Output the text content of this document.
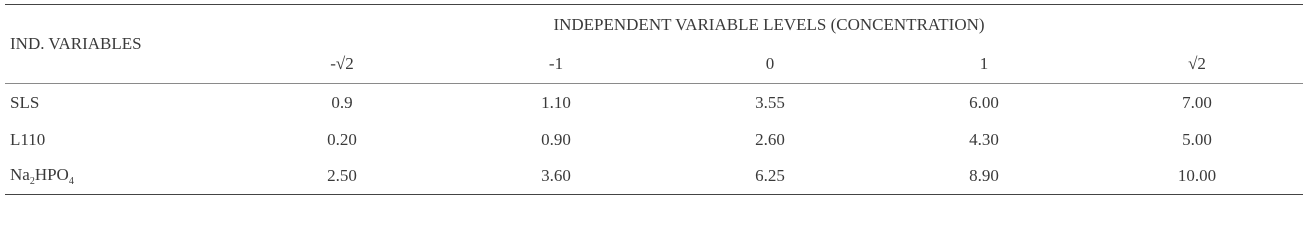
IND. VARIABLES	INDEPENDENT VARIABLE LEVELS (CONCENTRATION)				
	-√2	-1	0	1	√2
SLS	0.9	1.10	3.55	6.00	7.00
L110	0.20	0.90	2.60	4.30	5.00
$Na_2HPO_4$	2.50	3.60	6.25	8.90	10.00
